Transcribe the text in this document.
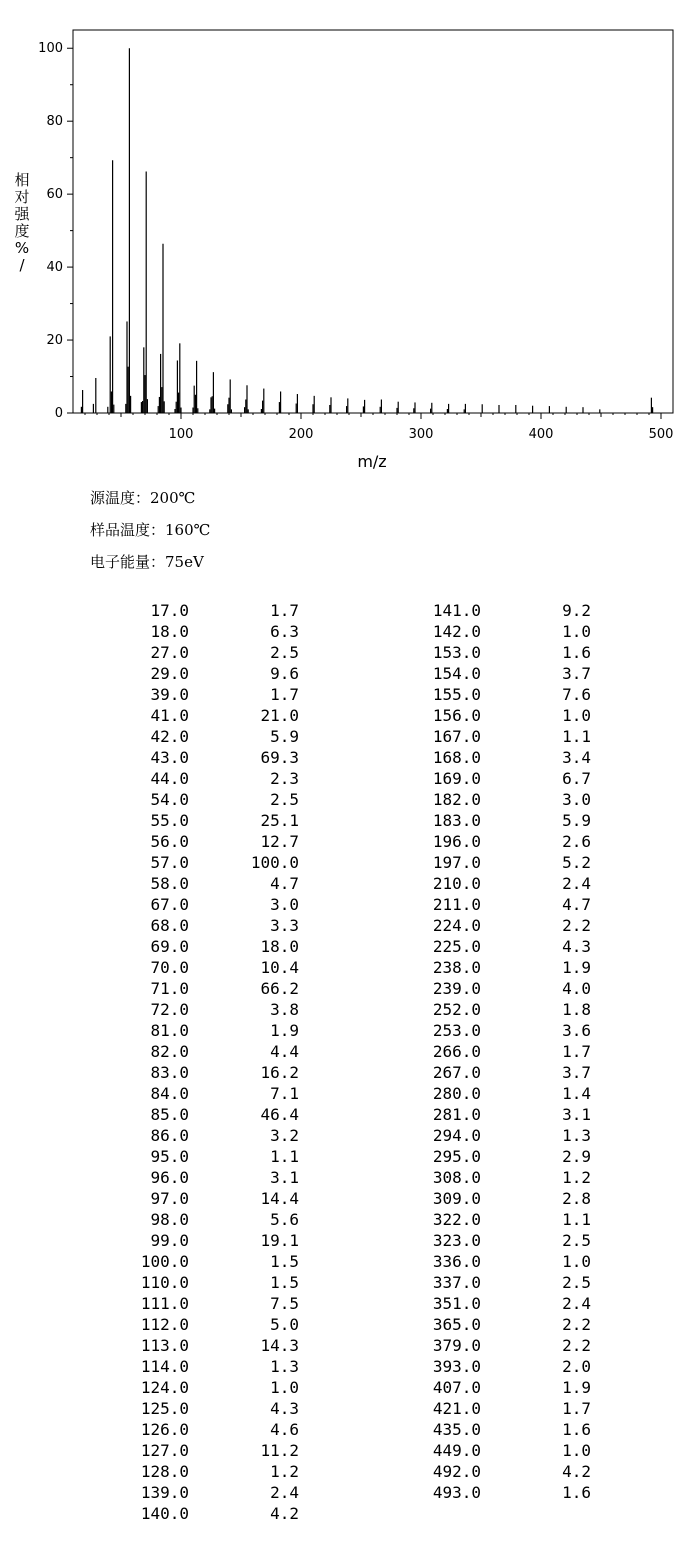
100	200	300	400	500
0
20
40
60
80
100
m/z
相对强度% /
源温度：200℃
样品温度：160℃
电子能量：75eV
17.0	1.7
18.0	6.3
27.0	2.5
29.0	9.6
39.0	1.7
41.0	21.0
42.0	5.9
43.0	69.3
44.0	2.3
54.0	2.5
55.0	25.1
56.0	12.7
57.0	100.0
58.0	4.7
67.0	3.0
68.0	3.3
69.0	18.0
70.0	10.4
71.0	66.2
72.0	3.8
81.0	1.9
82.0	4.4
83.0	16.2
84.0	7.1
85.0	46.4
86.0	3.2
95.0	1.1
96.0	3.1
97.0	14.4
98.0	5.6
99.0	19.1
100.0	1.5
110.0	1.5
111.0	7.5
112.0	5.0
113.0	14.3
114.0	1.3
124.0	1.0
125.0	4.3
126.0	4.6
127.0	11.2
128.0	1.2
139.0	2.4
140.0	4.2
141.0	9.2
142.0	1.0
153.0	1.6
154.0	3.7
155.0	7.6
156.0	1.0
167.0	1.1
168.0	3.4
169.0	6.7
182.0	3.0
183.0	5.9
196.0	2.6
197.0	5.2
210.0	2.4
211.0	4.7
224.0	2.2
225.0	4.3
238.0	1.9
239.0	4.0
252.0	1.8
253.0	3.6
266.0	1.7
267.0	3.7
280.0	1.4
281.0	3.1
294.0	1.3
295.0	2.9
308.0	1.2
309.0	2.8
322.0	1.1
323.0	2.5
336.0	1.0
337.0	2.5
351.0	2.4
365.0	2.2
379.0	2.2
393.0	2.0
407.0	1.9
421.0	1.7
435.0	1.6
449.0	1.0
492.0	4.2
493.0	1.6
